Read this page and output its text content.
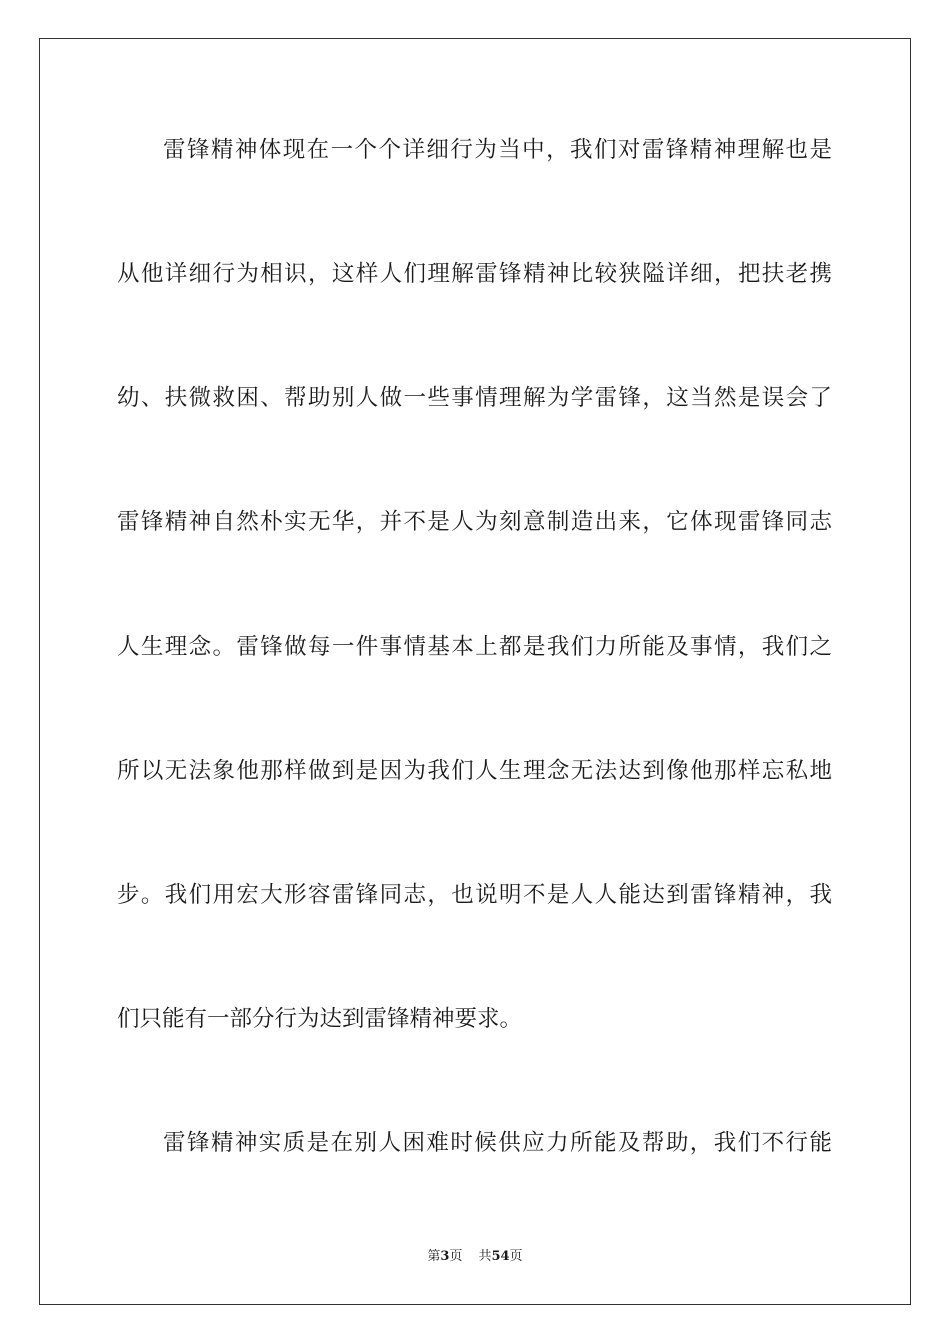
雷锋精神体现在一个个详细行为当中，我们对雷锋精神理解也是
从他详细行为相识，这样人们理解雷锋精神比较狭隘详细，把扶老携
幼、扶微救困、帮助别人做一些事情理解为学雷锋，这当然是误会了
雷锋精神自然朴实无华，并不是人为刻意制造出来，它体现雷锋同志
人生理念。雷锋做每一件事情基本上都是我们力所能及事情，我们之
所以无法象他那样做到是因为我们人生理念无法达到像他那样忘私地
步。我们用宏大形容雷锋同志，也说明不是人人能达到雷锋精神，我
们只能有一部分行为达到雷锋精神要求。
雷锋精神实质是在别人困难时候供应力所能及帮助，我们不行能
第3页 共54页
